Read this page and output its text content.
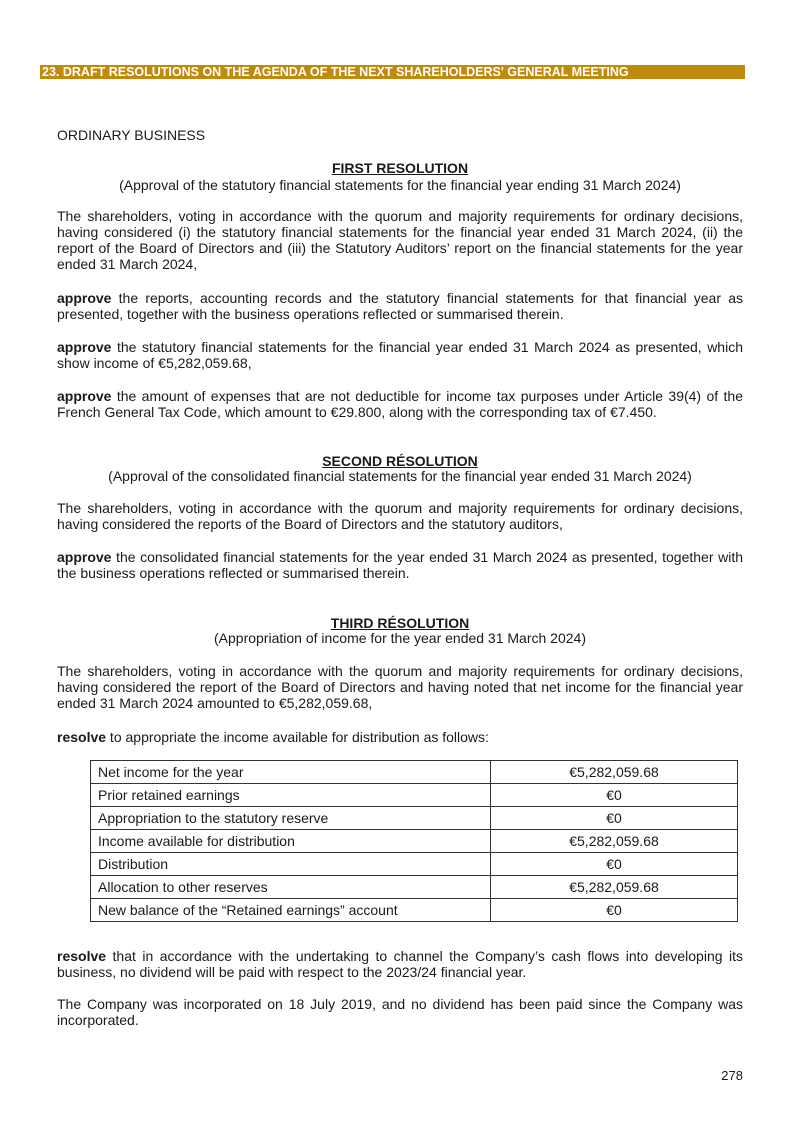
23. DRAFT RESOLUTIONS ON THE AGENDA OF THE NEXT SHAREHOLDERS' GENERAL MEETING
ORDINARY BUSINESS
FIRST RESOLUTION
(Approval of the statutory financial statements for the financial year ending 31 March 2024)
The shareholders, voting in accordance with the quorum and majority requirements for ordinary decisions, having considered (i) the statutory financial statements for the financial year ended 31 March 2024, (ii) the report of the Board of Directors and (iii) the Statutory Auditors’ report on the financial statements for the year ended 31 March 2024,
approve the reports, accounting records and the statutory financial statements for that financial year as presented, together with the business operations reflected or summarised therein.
approve the statutory financial statements for the financial year ended 31 March 2024 as presented, which show income of €5,282,059.68,
approve the amount of expenses that are not deductible for income tax purposes under Article 39(4) of the French General Tax Code, which amount to €29.800, along with the corresponding tax of €7.450.
SECOND RÉSOLUTION
(Approval of the consolidated financial statements for the financial year ended 31 March 2024)
The shareholders, voting in accordance with the quorum and majority requirements for ordinary decisions, having considered the reports of the Board of Directors and the statutory auditors,
approve the consolidated financial statements for the year ended 31 March 2024 as presented, together with the business operations reflected or summarised therein.
THIRD RÉSOLUTION
(Appropriation of income for the year ended 31 March 2024)
The shareholders, voting in accordance with the quorum and majority requirements for ordinary decisions, having considered the report of the Board of Directors and having noted that net income for the financial year ended 31 March 2024 amounted to €5,282,059.68,
resolve to appropriate the income available for distribution as follows:
Net income for the year	€5,282,059.68
Prior retained earnings	€0
Appropriation to the statutory reserve	€0
Income available for distribution	€5,282,059.68
Distribution	€0
Allocation to other reserves	€5,282,059.68
New balance of the “Retained earnings” account	€0
resolve that in accordance with the undertaking to channel the Company’s cash flows into developing its business, no dividend will be paid with respect to the 2023/24 financial year.
The Company was incorporated on 18 July 2019, and no dividend has been paid since the Company was incorporated.
278
